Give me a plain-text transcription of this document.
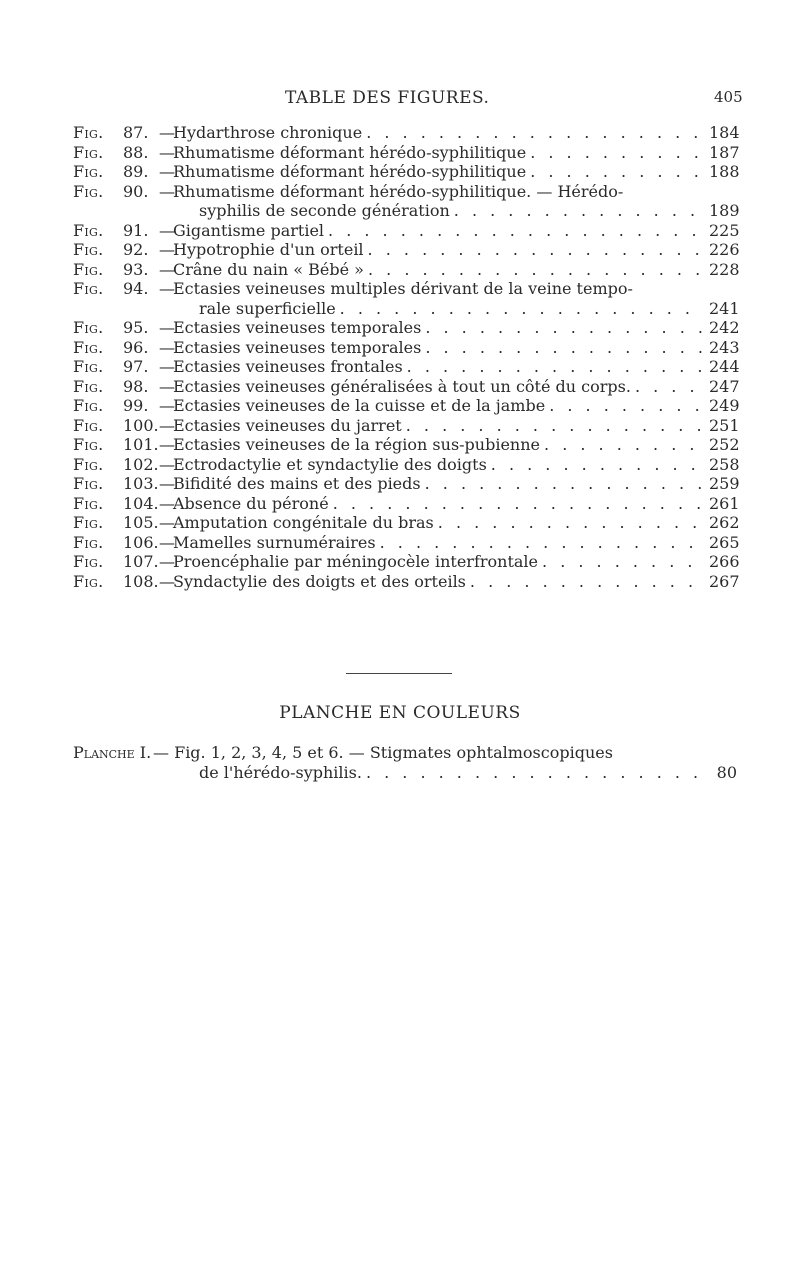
TABLE DES FIGURES.	405
Fig. 87. —
Hydarthrose chronique . . .	184
Fig. 88. —
Rhumatisme déformant hérédo-syphilitique . . .	187
Fig. 89. —
Rhumatisme déformant hérédo-syphilitique . . .	188
Fig. 90. —
Rhumatisme déformant hérédo-syphilitique. — Hérédo-
syphilis de seconde génération . . .	189
Fig. 91. —
Gigantisme partiel . . .	225
Fig. 92. —
Hypotrophie d'un orteil . . .	226
Fig. 93. —
Crâne du nain « Bébé » . . .	228
Fig. 94. —
Ectasies veineuses multiples dérivant de la veine tempo-
rale superficielle . . .	241
Fig. 95. —
Ectasies veineuses temporales . . .	242
Fig. 96. —
Ectasies veineuses temporales . . .	243
Fig. 97. —
Ectasies veineuses frontales . . .	244
Fig. 98. —
Ectasies veineuses généralisées à tout un côté du corps. . . .	247
Fig. 99. —
Ectasies veineuses de la cuisse et de la jambe . . .	249
Fig. 100. —
Ectasies veineuses du jarret . . .	251
Fig. 101. —
Ectasies veineuses de la région sus-pubienne . . .	252
Fig. 102. —
Ectrodactylie et syndactylie des doigts . . .	258
Fig. 103. —
Bifidité des mains et des pieds . . .	259
Fig. 104. —
Absence du péroné . . .	261
Fig. 105. —
Amputation congénitale du bras . . .	262
Fig. 106. —
Mamelles surnuméraires . . .	265
Fig. 107. —
Proencéphalie par méningocèle interfrontale . . .	266
Fig. 108. —
Syndactylie des doigts et des orteils . . .	267
PLANCHE EN COULEURS
Planche I. — Fig. 1, 2, 3, 4, 5 et 6. — Stigmates ophtalmoscopiques
de l'hérédo-syphilis. . . .	80
